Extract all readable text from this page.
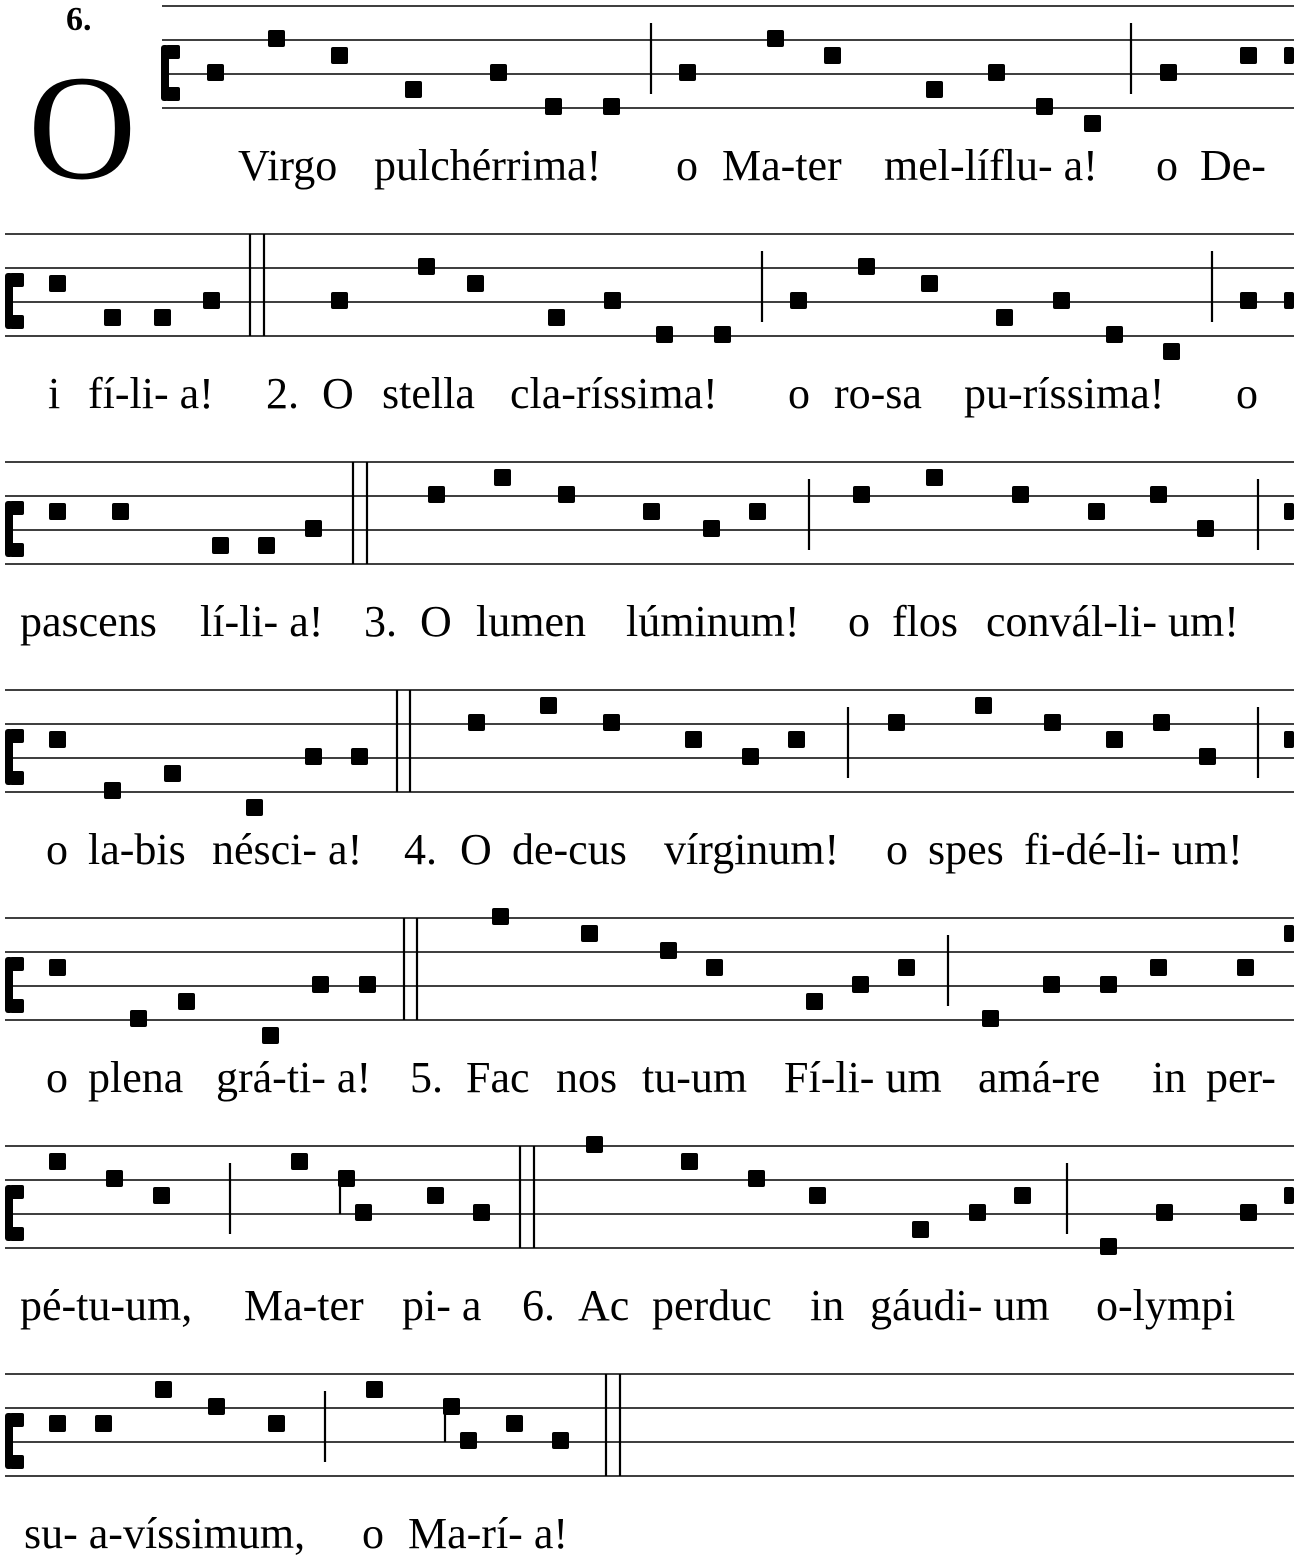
6.
O Virgo pulchérrima! o Ma-ter mel-líflu- a! o De-
i fí-li- a! 2. O stella cla-ríssima! o ro-sa pu-ríssima! o
pascens lí-li- a! 3. O lumen lúminum! o flos convál-li- um!
o la-bis nésci- a! 4. O de-cus vírginum! o spes fi-dé-li- um!
o plena grá-ti- a! 5. Fac nos tu-um Fí-li- um amá-re in per-
pé-tu-um, Ma-ter pi- a 6. Ac perduc in gáudi- um o-lympi
su- a-víssimum, o Ma-rí- a!
